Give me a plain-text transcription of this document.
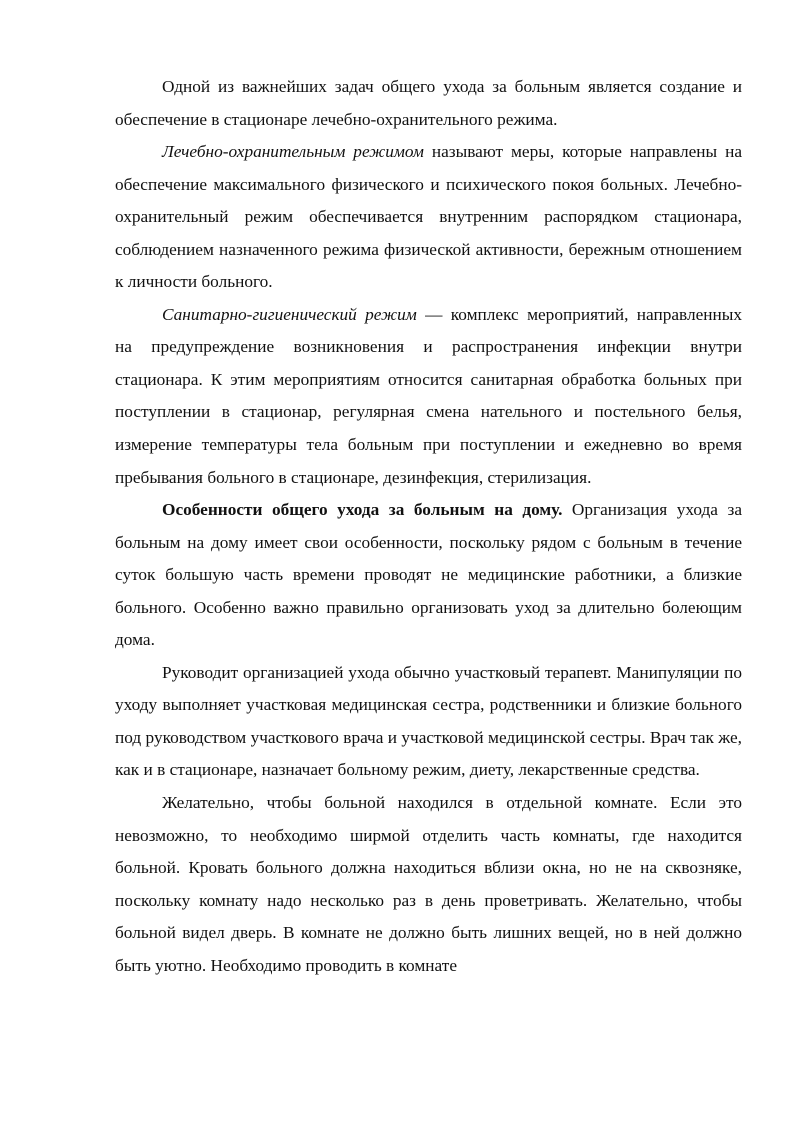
Одной из важнейших задач общего ухода за больным является создание и обеспечение в стационаре лечебно-охранительного режима.

Лечебно-охранительным режимом называют меры, которые направлены на обеспечение максимального физического и психического покоя больных. Лечебно-охранительный режим обеспечивается внутренним распорядком стационара, соблюдением назначенного режима физической активности, бережным отношением к личности больного.

Санитарно-гигиенический режим — комплекс мероприятий, направленных на предупреждение возникновения и распространения инфекции внутри стационара. К этим мероприятиям относится санитарная обработка больных при поступлении в стационар, регулярная смена нательного и постельного белья, измерение температуры тела больным при поступлении и ежедневно во время пребывания больного в стационаре, дезинфекция, стерилизация.

Особенности общего ухода за больным на дому. Организация ухода за больным на дому имеет свои особенности, поскольку рядом с больным в течение суток большую часть времени проводят не медицинские работники, а близкие больного. Особенно важно правильно организовать уход за длительно болеющим дома.

Руководит организацией ухода обычно участковый терапевт. Манипуляции по уходу выполняет участковая медицинская сестра, родственники и близкие больного под руководством участкового врача и участковой медицинской сестры. Врач так же, как и в стационаре, назначает больному режим, диету, лекарственные средства.

Желательно, чтобы больной находился в отдельной комнате. Если это невозможно, то необходимо ширмой отделить часть комнаты, где находится больной. Кровать больного должна находиться вблизи окна, но не на сквозняке, поскольку комнату надо несколько раз в день проветривать. Желательно, чтобы больной видел дверь. В комнате не должно быть лишних вещей, но в ней должно быть уютно. Необходимо проводить в комнате
